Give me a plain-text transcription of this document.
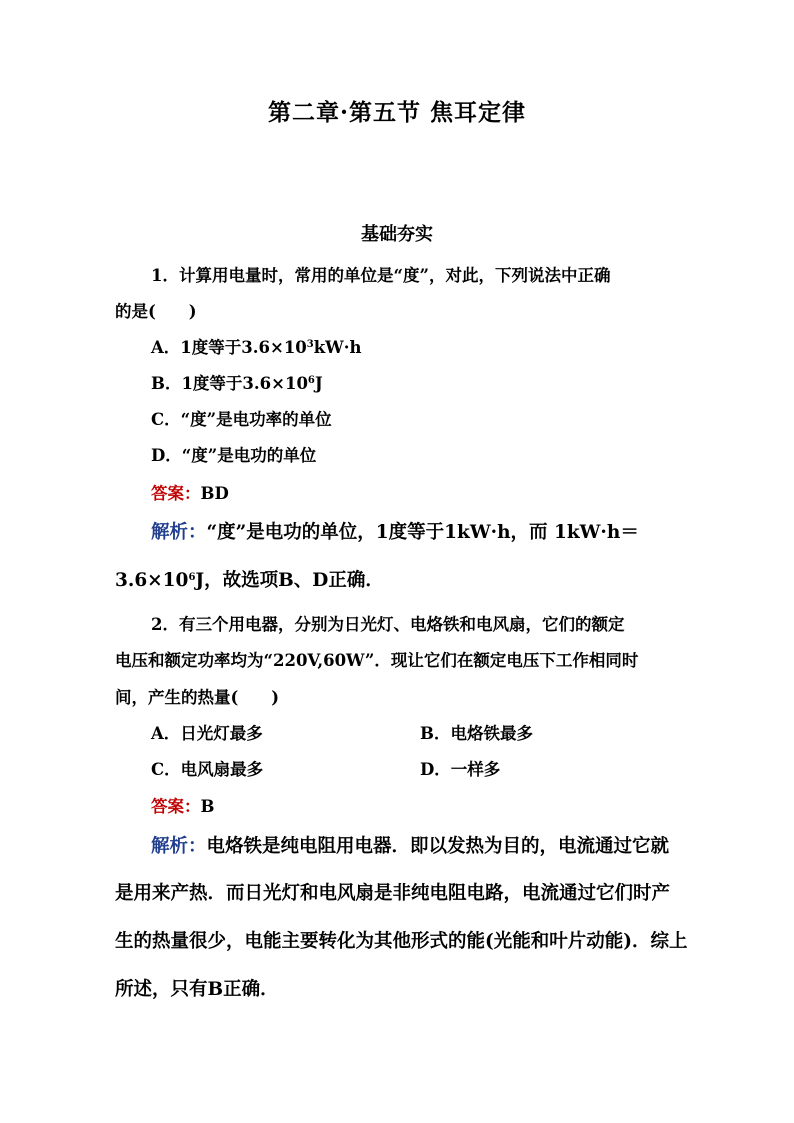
第二章·第五节 焦耳定律
基础夯实
1．计算用电量时，常用的单位是“度”，对此，下列说法中正确
的是(　　)
A．1度等于$3.6\times 10^3kW\cdot h$
B．1度等于$3.6\times 10^6J$
C．“度”是电功率的单位
D．“度”是电功的单位
答案：BD
解析：“度”是电功的单位，1度等于1kW·h，而 1kW·h＝
$3.6\times 10^6J$，故选项B、D正确．
2．有三个用电器，分别为日光灯、电烙铁和电风扇，它们的额定
电压和额定功率均为“220V,60W”．现让它们在额定电压下工作相同时
间，产生的热量(　　)
A．日光灯最多	B．电烙铁最多
C．电风扇最多	D．一样多
答案：B
解析：电烙铁是纯电阻用电器．即以发热为目的，电流通过它就
是用来产热．而日光灯和电风扇是非纯电阻电路，电流通过它们时产
生的热量很少，电能主要转化为其他形式的能(光能和叶片动能)．综上
所述，只有B正确．
